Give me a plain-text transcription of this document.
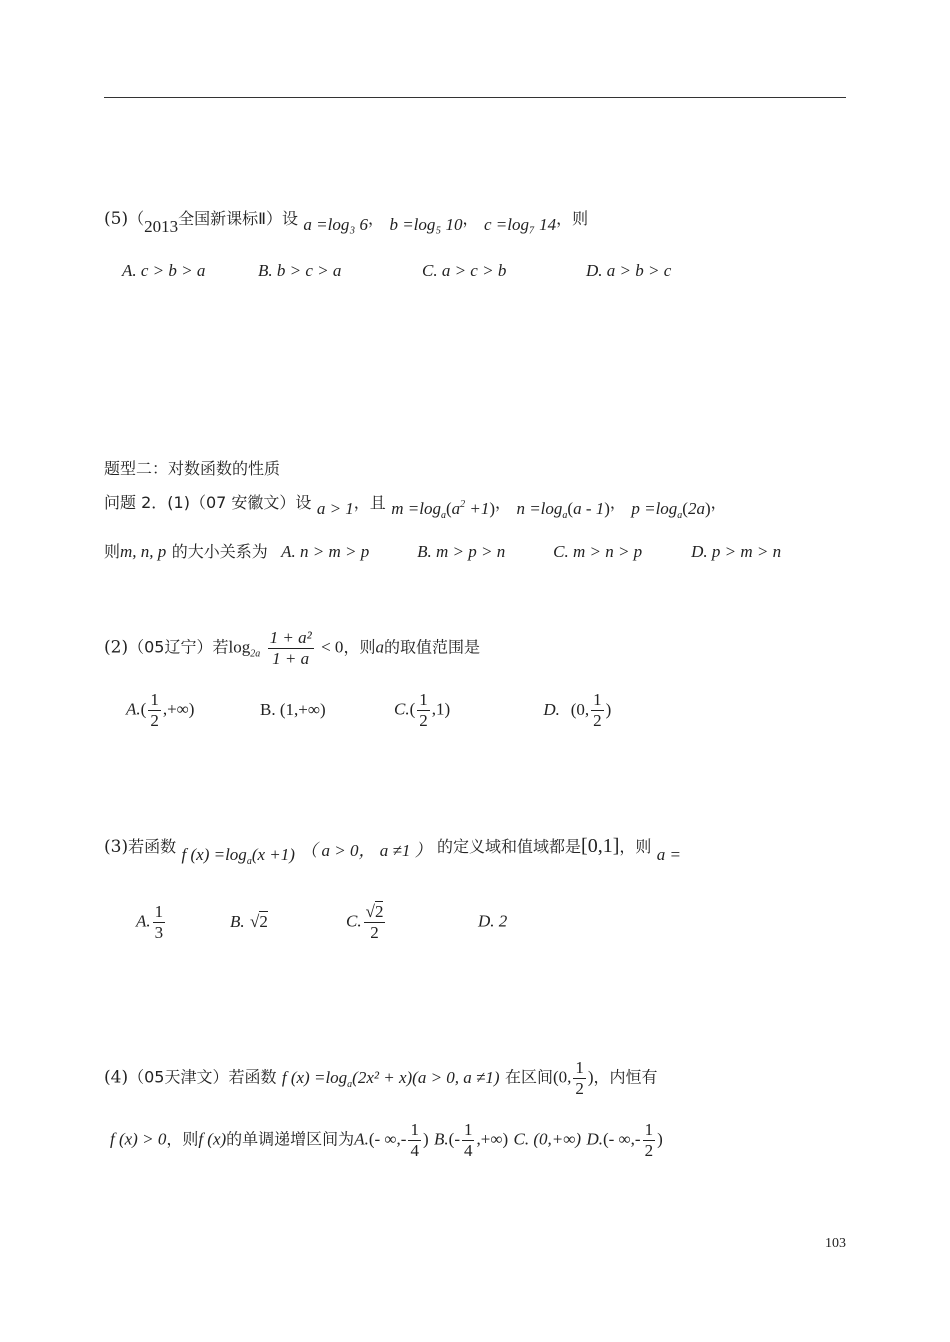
(5)（2013全国新课标Ⅱ）设 a =log₃ 6， b =log₅ 10， c =log₇ 14，则
A. c > b > a	B. b > c > a	C. a > c > b	D. a > b > c
题型二：对数函数的性质
问题 2．(1)（07 安徽文）设 a > 1，且 $m =\log_a(a^2 +1)$， $n =\log_a(a - 1)$， $p =\log_a(2a)$，
则m, n, p 的大小关系为 A. n > m > p	B. m > p > n	C. m > n > p	D. p > m > n
(2)（05辽宁）若$\log_{2a} \frac{\text{1 + a²}}{1 + a} < 0$，则a的取值范围是
$A.( \frac{1}{2}$ ,+∞)	B. (1,+∞)	$C.( \frac{1}{2} ,1)$	D. (0, $\frac{1}{2}$ )
(3)若函数 f $(x) =\log_a(x +1)$ （ a > 0， a ≠1 ） 的定义域和值域都是[0,1]，则 a =
A. $\frac{1}{3}$	B. √2	C. $\frac{√2}{2}$	D. 2
(4)（05天津文）若函数 f $(x) =\log_a(2x^2 + x)(a > 0$, a ≠1) 在区间(0, $\frac{1}{2}$ )，内恒有
f (x) > 0，则f (x)的单调递增区间为A.(- ∞,- $\frac{1}{4}$ ) $B.(- \frac{1}{4}$ ,+∞) C. (0,+∞) D.(- ∞,- $\frac{1}{2}$ )
103
